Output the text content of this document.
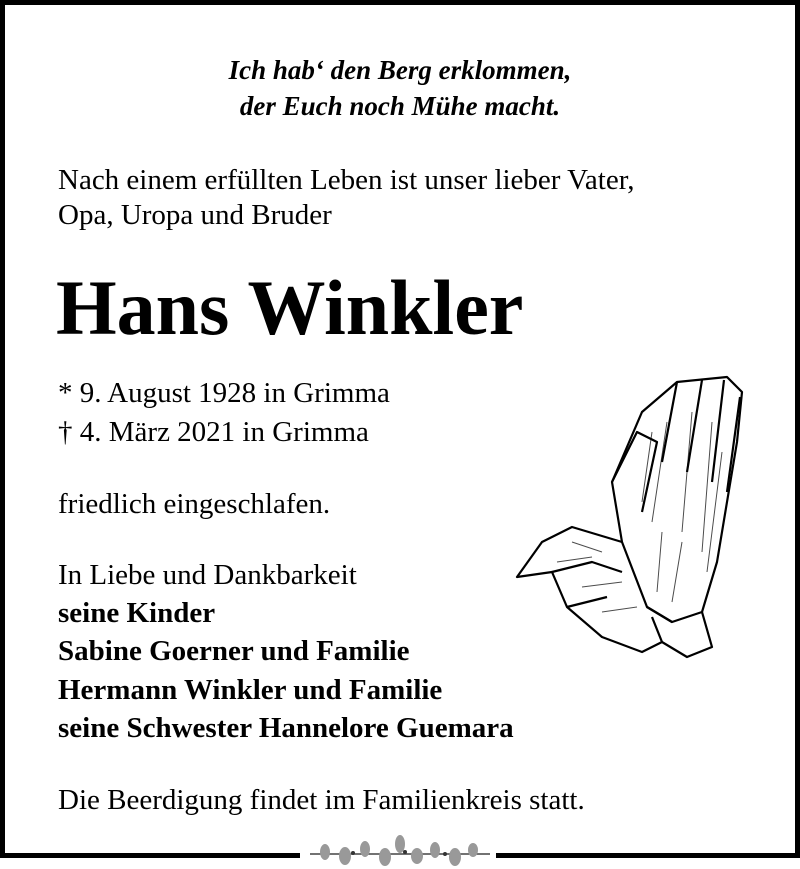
Ich hab‘ den Berg erklommen,
der Euch noch Mühe macht.
Nach einem erfüllten Leben ist unser lieber Vater,
Opa, Uropa und Bruder
Hans Winkler
* 9. August 1928 in Grimma
† 4. März 2021 in Grimma
friedlich eingeschlafen.
In Liebe und Dankbarkeit
seine Kinder
Sabine Goerner und Familie
Hermann Winkler und Familie
seine Schwester Hannelore Guemara
Die Beerdigung findet im Familienkreis statt.
